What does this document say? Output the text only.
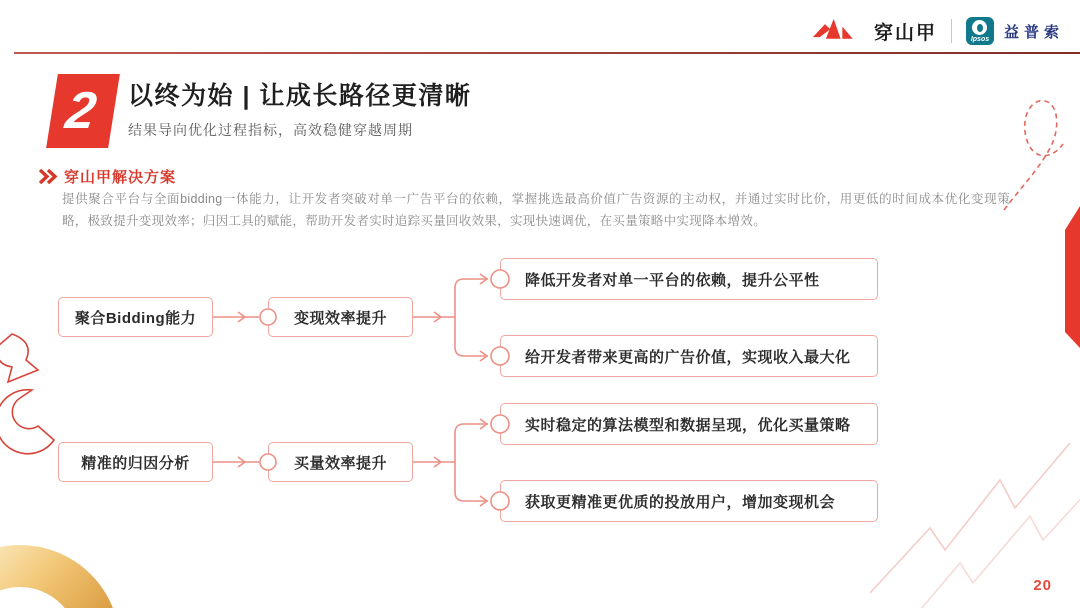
穿山甲	Ipsos 益普索
2 以终为始 | 让成长路径更清晰
结果导向优化过程指标，高效稳健穿越周期
穿山甲解决方案

提供聚合平台与全面bidding一体能力，让开发者突破对单一广告平台的依赖，掌握挑选最高价值广告资源的主动权，并通过实时比价，用更低的时间成本优化变现策略，极致提升变现效率；归因工具的赋能，帮助开发者实时追踪买量回收效果，实现快速调优，在买量策略中实现降本增效。

聚合Bidding能力	变现效率提升
降低开发者对单一平台的依赖，提升公平性
给开发者带来更高的广告价值，实现收入最大化
精准的归因分析	买量效率提升
实时稳定的算法模型和数据呈现，优化买量策略
获取更精准更优质的投放用户，增加变现机会
20
